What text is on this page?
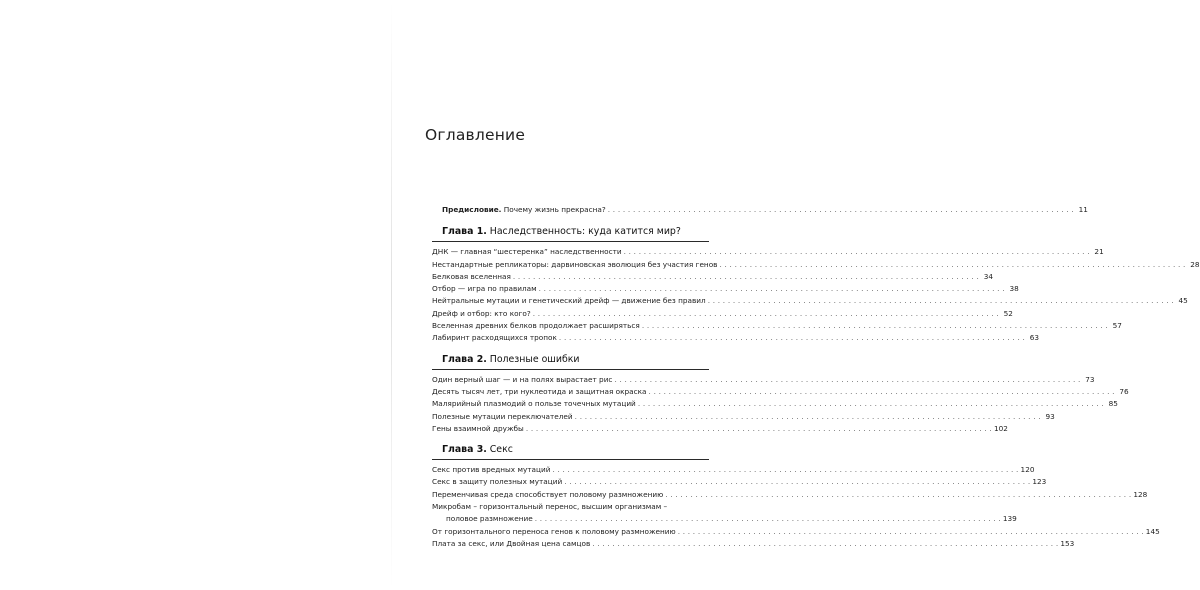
Оглавление
Предисловие. Почему жизнь прекрасна? . . .	11
Глава 1. Наследственность: куда катится мир?
ДНК — главная “шестеренка” наследственности . . .	21
Нестандартные репликаторы: дарвиновская эволюция без участия генов . . .	28
Белковая вселенная . . .	34
Отбор — игра по правилам . . .	38
Нейтральные мутации и генетический дрейф — движение без правил . . .	45
Дрейф и отбор: кто кого? . . .	52
Вселенная древних белков продолжает расширяться . . .	57
Лабиринт расходящихся тропок . . .	63
Глава 2. Полезные ошибки
Один верный шаг — и на полях вырастает рис . . .	73
Десять тысяч лет, три нуклеотида и защитная окраска . . .	76
Малярийный плазмодий о пользе точечных мутаций . . .	85
Полезные мутации переключателей . . .	93
Гены взаимной дружбы . . .	102
Глава 3. Секс
Секс против вредных мутаций . . .	120
Секс в защиту полезных мутаций . . .	123
Переменчивая среда способствует половому размножению . . .	128
Микробам – горизонтальный перенос, высшим организмам –
половое размножение . . .	139
От горизонтального переноса генов к половому размножению . . .	145
Плата за секс, или Двойная цена самцов . . .	153
